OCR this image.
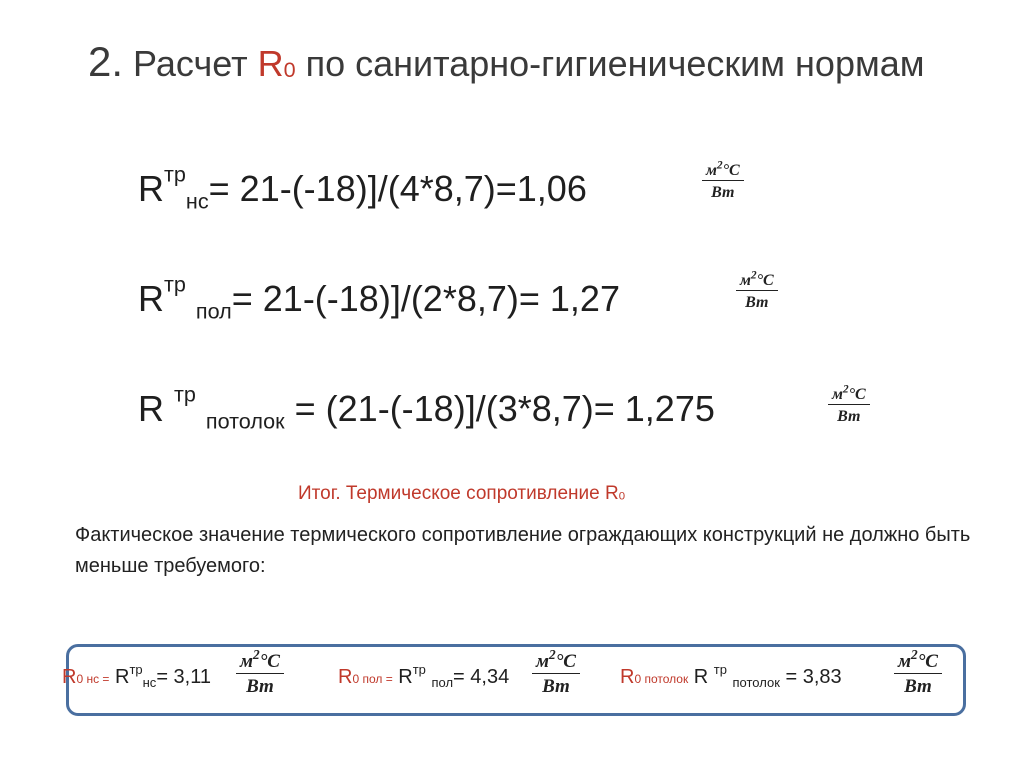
2. Расчет R0 по санитарно-гигиеническим нормам
$R^{тр}_{нс}= 21-(-18)]/(4*8,7)=1,06$	$м^2^\circ C$
Вт
$R^{тр}$ $_{пол}$= 21-(-18)]/(2*8,7)= 1,27	$м^2^\circ C$
Вт
R $^{тр}$ $_{потолок}$ = (21-(-18)]/(3*8,7)= 1,275	$м^2^\circ C$
Вт
Итог. Термическое сопротивление R0
Фактическое значение термического сопротивление ограждающих конструкций не должно быть меньше требуемого:
R0 нс = $R^{тр}_{нс}= 3,11$
$м^2^\circ C$
Вт	R0 пол = $R^{тр}$ $_{пол}$= 4,34
$м^2^\circ C$
Вт	R0 потолок R $^{тр}$ $_{потолок}$ = 3,83
$м^2^\circ C$
Вт
